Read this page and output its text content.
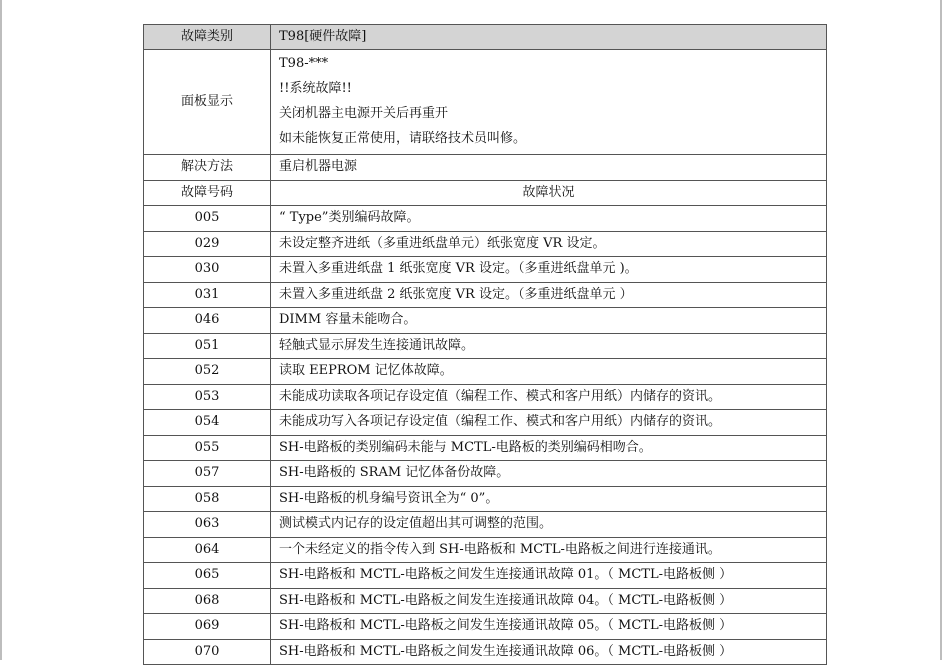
故障类别	T98[硬件故障]
面板显示	T98-***
!!系统故障!!
关闭机器主电源开关后再重开
如未能恢复正常使用，请联络技术员叫修。

解决方法	重启机器电源
故障号码	故障状况
005	“ Type”类别编码故障。
029	未设定整齐进纸（多重进纸盘单元）纸张宽度 VR 设定。
030	未置入多重进纸盘 1 纸张宽度 VR 设定。（多重进纸盘单元 )。
031	未置入多重进纸盘 2 纸张宽度 VR 设定。（多重进纸盘单元 ）
046	DIMM 容量未能吻合。
051	轻触式显示屏发生连接通讯故障。
052	读取 EEPROM 记忆体故障。
053	未能成功读取各项记存设定值（编程工作、模式和客户用纸）内储存的资讯。
054	未能成功写入各项记存设定值（编程工作、模式和客户用纸）内储存的资讯。
055	SH-电路板的类别编码未能与 MCTL-电路板的类别编码相吻合。
057	SH-电路板的 SRAM 记忆体备份故障。
058	SH-电路板的机身编号资讯全为“ 0”。
063	测试模式内记存的设定值超出其可调整的范围。
064	一个未经定义的指令传入到 SH-电路板和 MCTL-电路板之间进行连接通讯。
065	SH-电路板和 MCTL-电路板之间发生连接通讯故障 01。（ MCTL-电路板侧 ）
068	SH-电路板和 MCTL-电路板之间发生连接通讯故障 04。（ MCTL-电路板侧 ）
069	SH-电路板和 MCTL-电路板之间发生连接通讯故障 05。（ MCTL-电路板侧 ）
070	SH-电路板和 MCTL-电路板之间发生连接通讯故障 06。（ MCTL-电路板侧 ）
